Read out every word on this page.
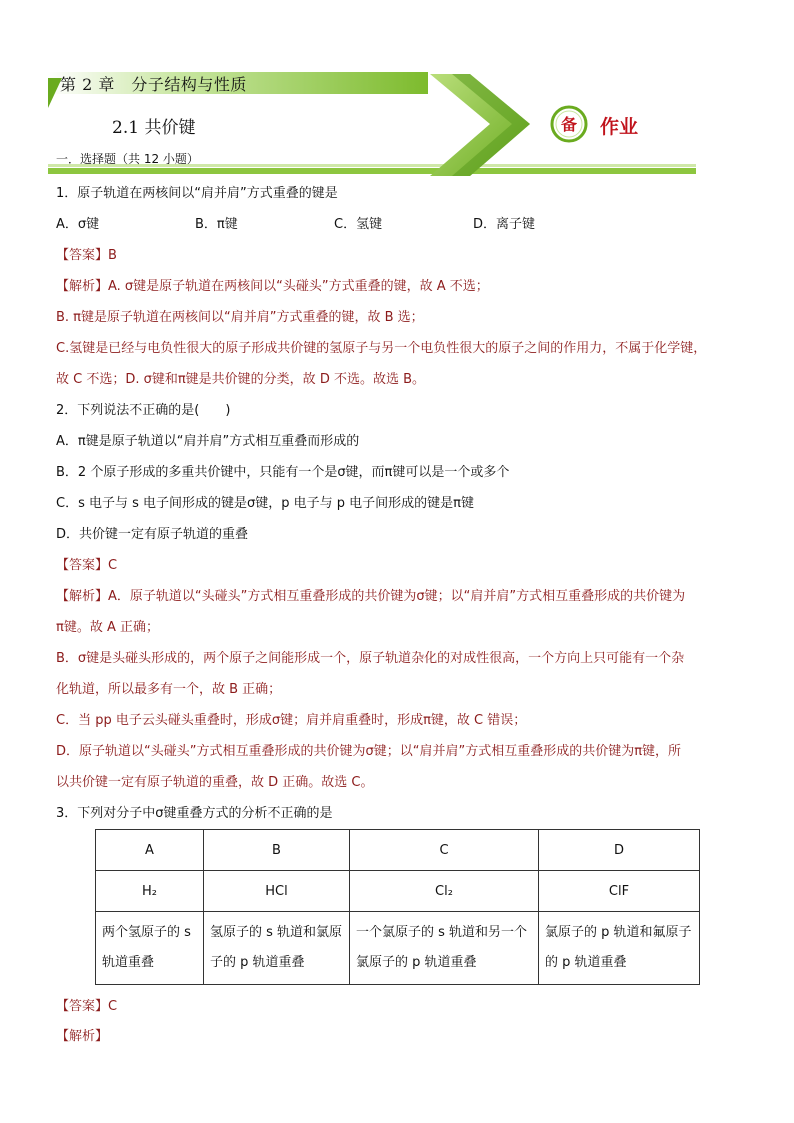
第 2 章　分子结构与性质
2.1 共价键	备 作业
一．选择题（共 12 小题）
1．原子轨道在两核间以“肩并肩”方式重叠的键是
A．σ键	B．π键	C．氢键	D．离子键
【答案】B
【解析】A. σ键是原子轨道在两核间以“头碰头”方式重叠的键，故 A 不选；
B. π键是原子轨道在两核间以“肩并肩”方式重叠的键，故 B 选；
C.氢键是已经与电负性很大的原子形成共价键的氢原子与另一个电负性很大的原子之间的作用力，不属于化学键，
故 C 不选；D. σ键和π键是共价键的分类，故 D 不选。故选 B。
2．下列说法不正确的是(　　)
A．π键是原子轨道以“肩并肩”方式相互重叠而形成的
B．2 个原子形成的多重共价键中，只能有一个是σ键，而π键可以是一个或多个
C．s 电子与 s 电子间形成的键是σ键，p 电子与 p 电子间形成的键是π键
D．共价键一定有原子轨道的重叠
【答案】C
【解析】A．原子轨道以“头碰头”方式相互重叠形成的共价键为σ键；以“肩并肩”方式相互重叠形成的共价键为
π键。故 A 正确；
B．σ键是头碰头形成的，两个原子之间能形成一个，原子轨道杂化的对成性很高，一个方向上只可能有一个杂
化轨道，所以最多有一个，故 B 正确；
C．当 pp 电子云头碰头重叠时，形成σ键；肩并肩重叠时，形成π键，故 C 错误；
D．原子轨道以“头碰头”方式相互重叠形成的共价键为σ键；以“肩并肩”方式相互重叠形成的共价键为π键，所
以共价键一定有原子轨道的重叠，故 D 正确。故选 C。
3．下列对分子中σ键重叠方式的分析不正确的是
A	B	C	D
H₂	HCl	Cl₂	ClF
两个氢原子的 s 轨道重叠	氢原子的 s 轨道和氯原子的 p 轨道重叠	一个氯原子的 s 轨道和另一个氯原子的 p 轨道重叠	氯原子的 p 轨道和氟原子的 p 轨道重叠
【答案】C
【解析】
